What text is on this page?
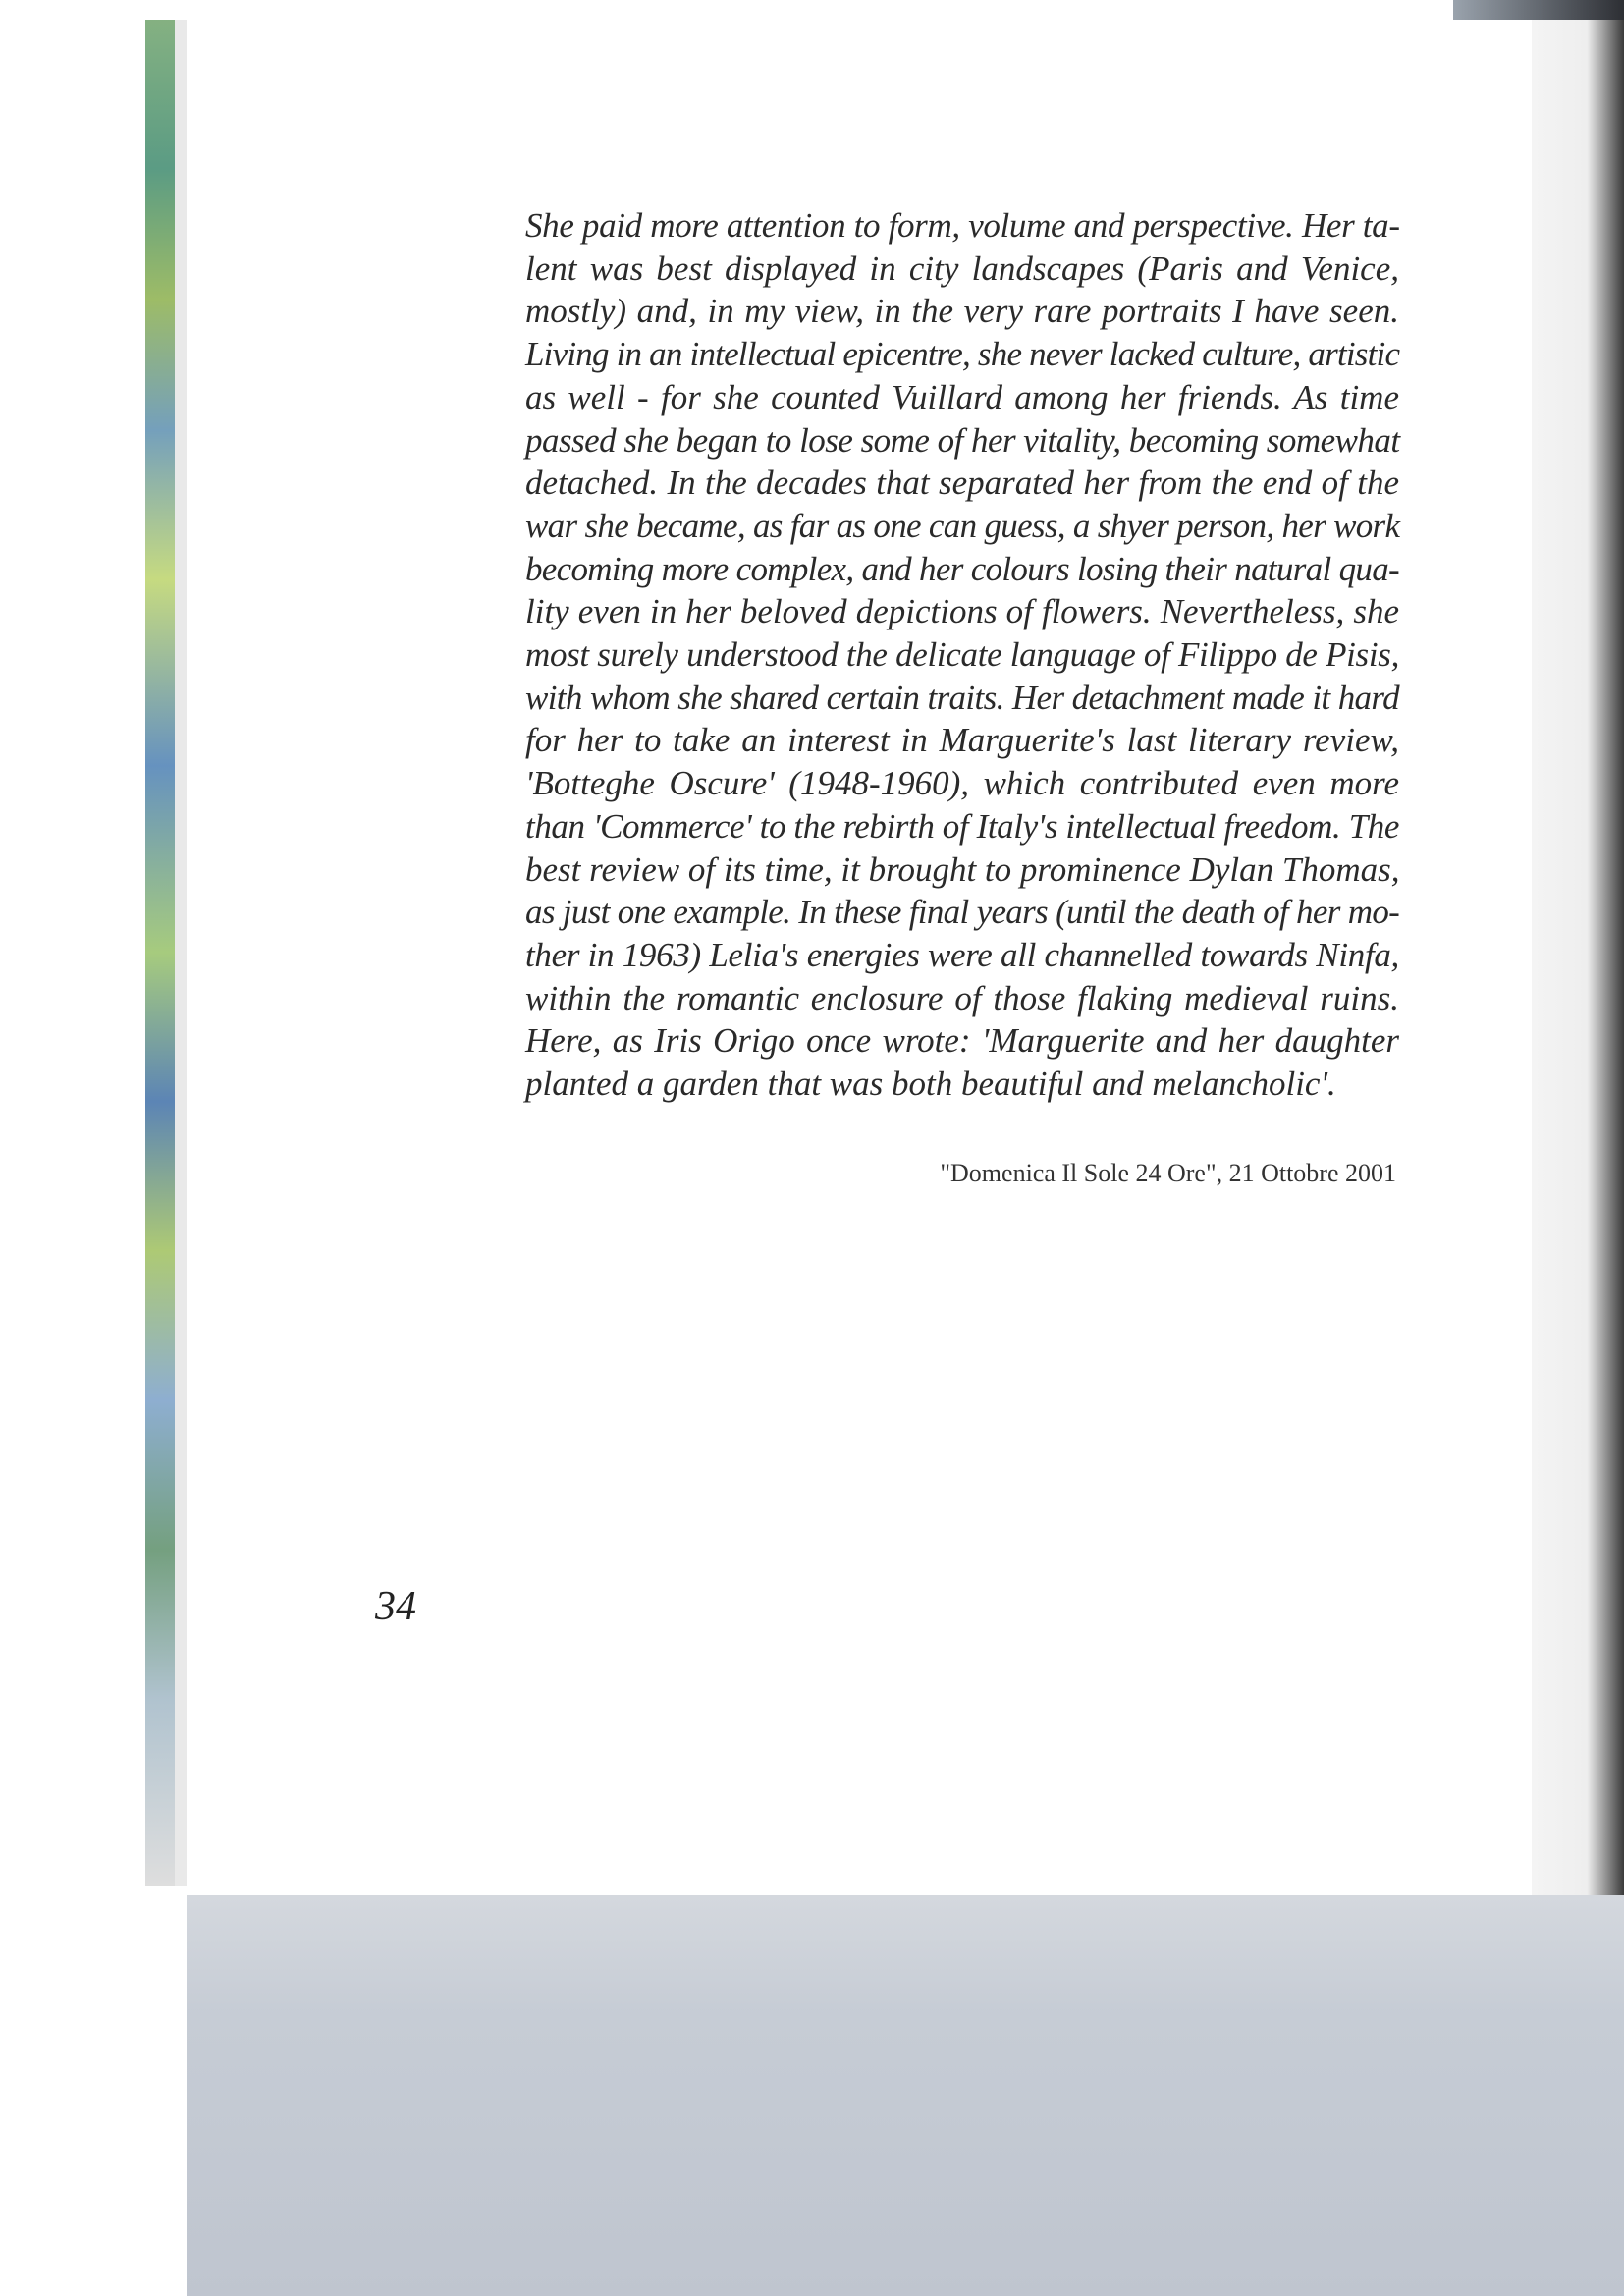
She paid more attention to form, volume and perspective. Her ta-
lent was best displayed in city landscapes (Paris and Venice,
mostly) and, in my view, in the very rare portraits I have seen.
Living in an intellectual epicentre, she never lacked culture, artistic
as well - for she counted Vuillard among her friends. As time
passed she began to lose some of her vitality, becoming somewhat
detached. In the decades that separated her from the end of the
war she became, as far as one can guess, a shyer person, her work
becoming more complex, and her colours losing their natural qua-
lity even in her beloved depictions of flowers. Nevertheless, she
most surely understood the delicate language of Filippo de Pisis,
with whom she shared certain traits. Her detachment made it hard
for her to take an interest in Marguerite's last literary review,
'Botteghe Oscure' (1948-1960), which contributed even more
than 'Commerce' to the rebirth of Italy's intellectual freedom. The
best review of its time, it brought to prominence Dylan Thomas,
as just one example. In these final years (until the death of her mo-
ther in 1963) Lelia's energies were all channelled towards Ninfa,
within the romantic enclosure of those flaking medieval ruins.
Here, as Iris Origo once wrote: 'Marguerite and her daughter
planted a garden that was both beautiful and melancholic'.

"Domenica Il Sole 24 Ore", 21 Ottobre 2001
34
